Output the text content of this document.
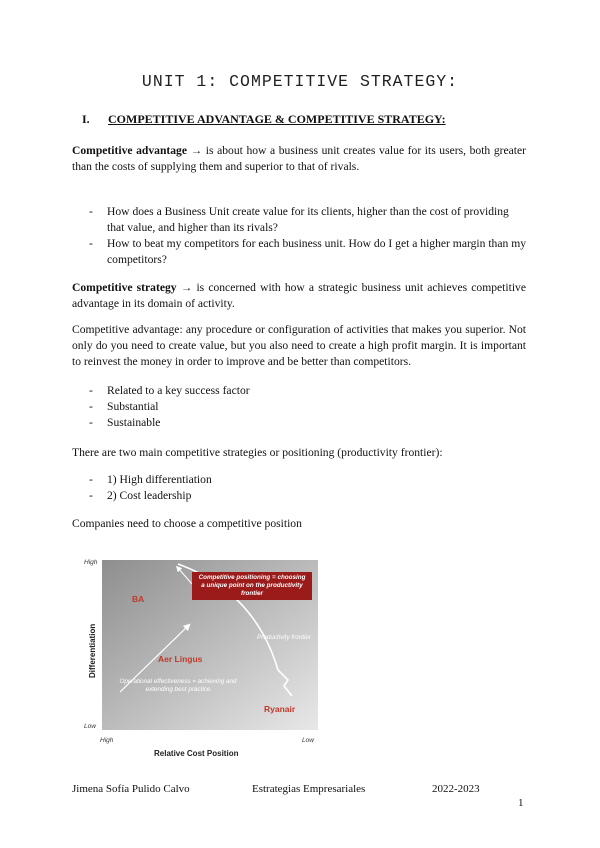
UNIT 1: COMPETITIVE STRATEGY:
I. COMPETITIVE ADVANTAGE & COMPETITIVE STRATEGY:
Competitive advantage → is about how a business unit creates value for its users, both greater than the costs of supplying them and superior to that of rivals.
- How does a Business Unit create value for its clients, higher than the cost of providing that value, and higher than its rivals?
- How to beat my competitors for each business unit. How do I get a higher margin than my competitors?
Competitive strategy → is concerned with how a strategic business unit achieves competitive advantage in its domain of activity.
Competitive advantage: any procedure or configuration of activities that makes you superior. Not only do you need to create value, but you also need to create a high profit margin. It is important to reinvest the money in order to improve and be better than competitors.
- Related to a key success factor
- Substantial
- Sustainable
There are two main competitive strategies or positioning (productivity frontier):
- 1) High differentiation
- 2) Cost leadership
Companies need to choose a competitive position
Competitive positioning = choosing a unique point on the productivity frontier
Productivity frontier
Operational effectiveness = achieving and extending best practice
BA
Aer Lingus
Ryanair
High
Low
High	Low
Relative Cost Position
Differentiation
Jimena Sofía Pulido Calvo	Estrategias Empresariales	2022-2023
1
